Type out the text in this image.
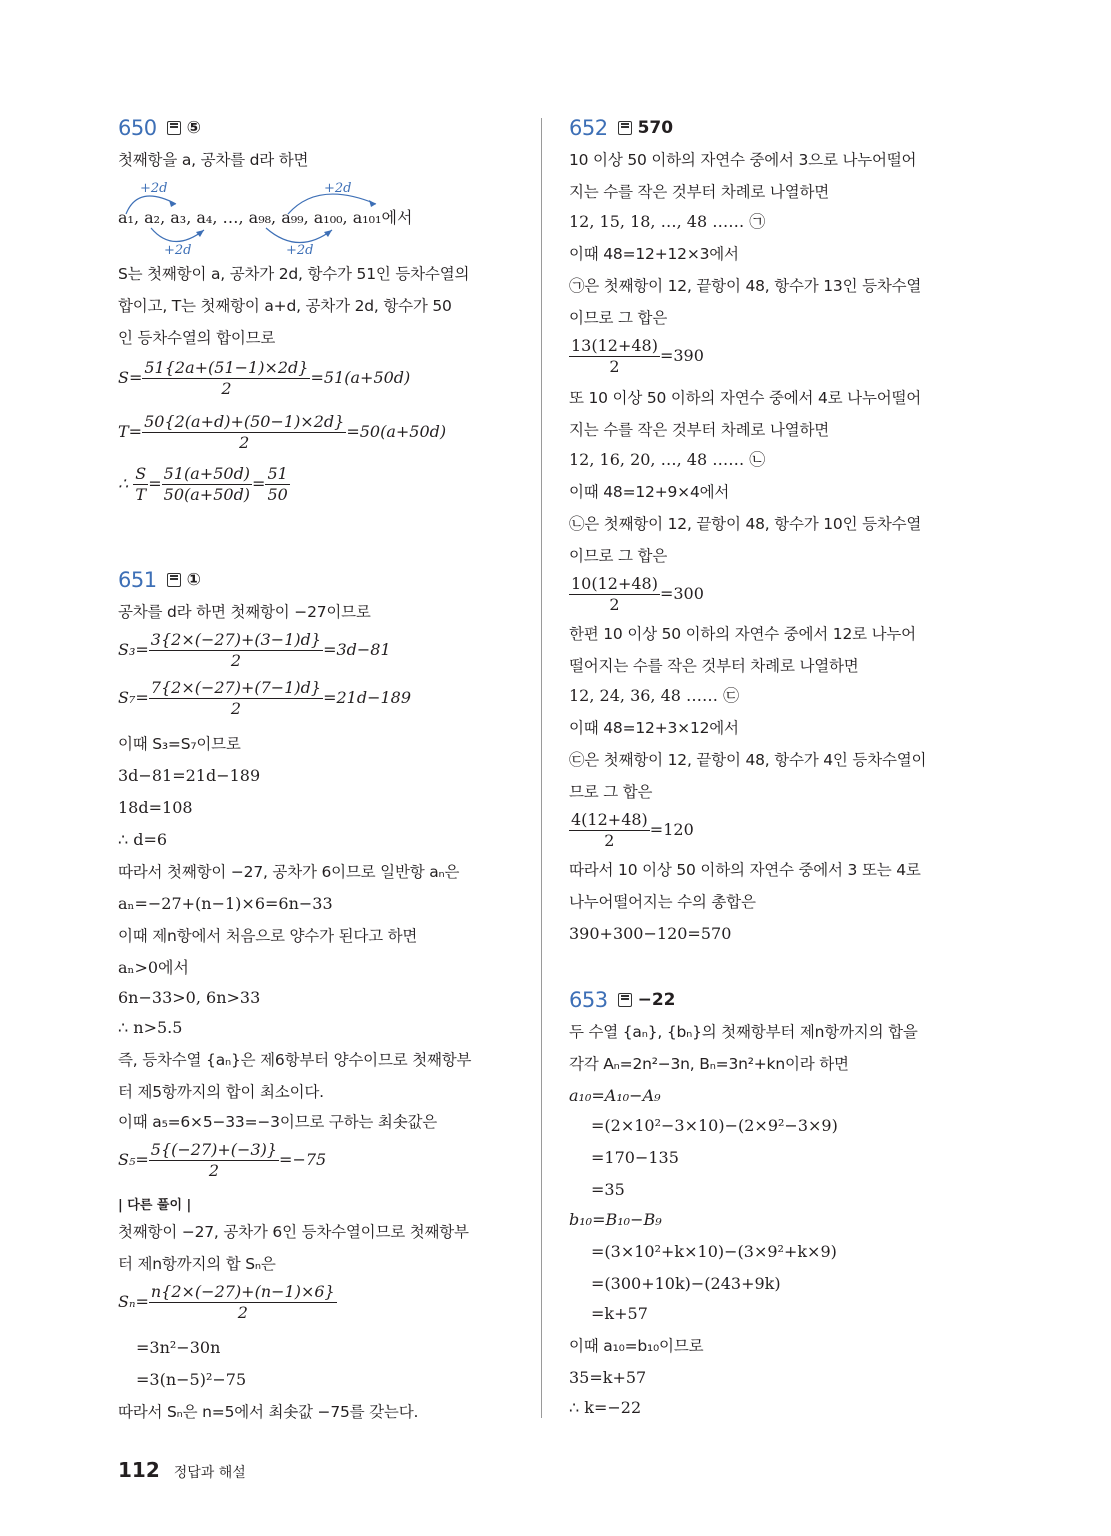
650 ⑤
첫째항을 a, 공차를 d라 하면
+2d	+2d
+2d	+2d
a₁, a₂, a₃, a₄, …, a₉₈, a₉₉, a₁₀₀, a₁₀₁에서
S는 첫째항이 a, 공차가 2d, 항수가 51인 등차수열의
합이고, T는 첫째항이 a+d, 공차가 2d, 항수가 50
인 등차수열의 합이므로
$S= \frac{51\{2a+(51-1)\times 2d\}}{2} =51(a+50d)$
$T= \frac{50\{2(a+d)+(50-1)\times 2d\}}{2} =50(a+50d)$
∴ $\frac{S}{T} = \frac{51(a+50d)}{50(a+50d)} = \frac{51}{50}$
651 ①
공차를 d라 하면 첫째항이 −27이므로
$S_3= \frac{3\{2\times(-27)+(3-1)d\}}{2} =3d-81$
$S_7= \frac{7\{2\times(-27)+(7-1)d\}}{2} =21d-189$
이때 S₃=S₇이므로
3d−81=21d−189
18d=108
∴ d=6
따라서 첫째항이 −27, 공차가 6이므로 일반항 aₙ은
aₙ=−27+(n−1)×6=6n−33
이때 제n항에서 처음으로 양수가 된다고 하면
aₙ>0에서
6n−33>0, 6n>33
∴ n>5.5
즉, 등차수열 {aₙ}은 제6항부터 양수이므로 첫째항부
터 제5항까지의 합이 최소이다.
이때 a₅=6×5−33=−3이므로 구하는 최솟값은
$S_5= \frac{5\{(-27)+(-3)\}}{2} =-75$
| 다른 풀이 |
첫째항이 −27, 공차가 6인 등차수열이므로 첫째항부
터 제n항까지의 합 Sₙ은
$S_n= \frac{n\{2\times(-27)+(n-1)\times 6\}}{2}$
=3n²−30n
=3(n−5)²−75
따라서 Sₙ은 n=5에서 최솟값 −75를 갖는다.
652 570
10 이상 50 이하의 자연수 중에서 3으로 나누어떨어
지는 수를 작은 것부터 차례로 나열하면
12, 15, 18, …, 48 …… ㉠
이때 48=12+12×3에서
㉠은 첫째항이 12, 끝항이 48, 항수가 13인 등차수열
이므로 그 합은
$\frac{13(12+48)}{2} =390$
또 10 이상 50 이하의 자연수 중에서 4로 나누어떨어
지는 수를 작은 것부터 차례로 나열하면
12, 16, 20, …, 48 …… ㉡
이때 48=12+9×4에서
㉡은 첫째항이 12, 끝항이 48, 항수가 10인 등차수열
이므로 그 합은
$\frac{10(12+48)}{2} =300$
한편 10 이상 50 이하의 자연수 중에서 12로 나누어
떨어지는 수를 작은 것부터 차례로 나열하면
12, 24, 36, 48 …… ㉢
이때 48=12+3×12에서
㉢은 첫째항이 12, 끝항이 48, 항수가 4인 등차수열이
므로 그 합은
$\frac{4(12+48)}{2} =120$
따라서 10 이상 50 이하의 자연수 중에서 3 또는 4로
나누어떨어지는 수의 총합은
390+300−120=570
653 −22
두 수열 {aₙ}, {bₙ}의 첫째항부터 제n항까지의 합을
각각 Aₙ=2n²−3n, Bₙ=3n²+kn이라 하면
a₁₀=A₁₀−A₉
=(2×10²−3×10)−(2×9²−3×9)
=170−135
=35
b₁₀=B₁₀−B₉
=(3×10²+k×10)−(3×9²+k×9)
=(300+10k)−(243+9k)
=k+57
이때 a₁₀=b₁₀이므로
35=k+57
∴ k=−22
112 정답과 해설
